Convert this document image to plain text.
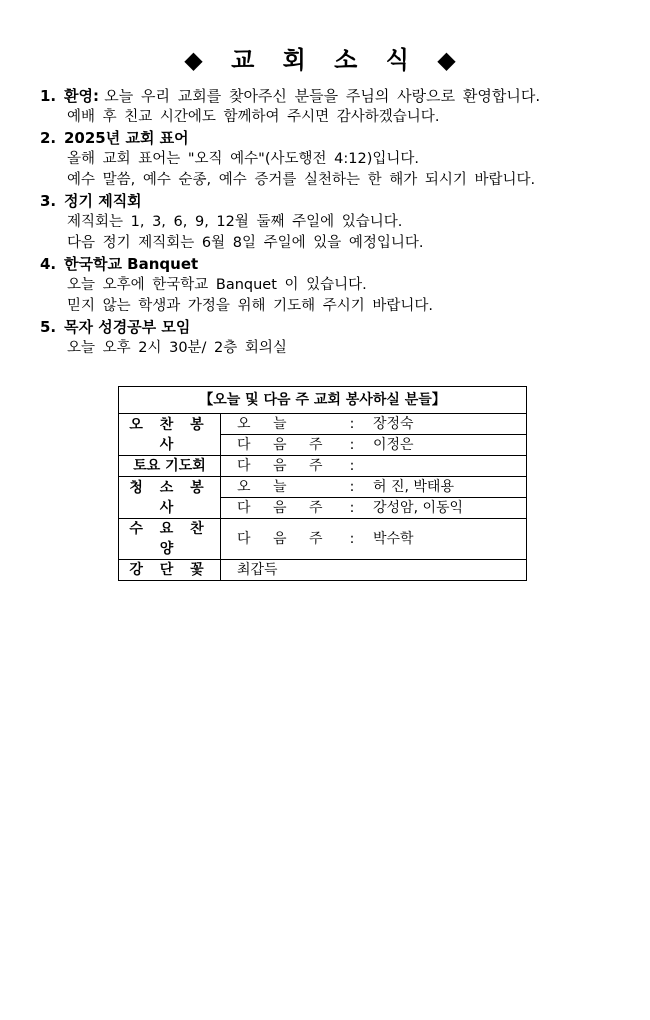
◆ 교 회 소 식 ◆
1. 환영: 오늘 우리 교회를 찾아주신 분들을 주님의 사랑으로 환영합니다.
예배 후 친교 시간에도 함께하여 주시면 감사하겠습니다.
2. 2025년 교회 표어
올해 교회 표어는 "오직 예수"(사도행전 4:12)입니다.
예수 말씀, 예수 순종, 예수 증거를 실천하는 한 해가 되시기 바랍니다.
3. 정기 제직회
제직회는 1, 3, 6, 9, 12월 둘째 주일에 있습니다.
다음 정기 제직회는 6월 8일 주일에 있을 예정입니다.
4. 한국학교 Banquet
오늘 오후에 한국학교 Banquet 이 있습니다.
믿지 않는 학생과 가정을 위해 기도해 주시기 바랍니다.
5. 목자 성경공부 모임
오늘 오후 2시 30분/ 2층 회의실
【오늘 및 다음 주 교회 봉사하실 분들】			
오 찬 봉 사	오 늘	:	장정숙
	다 음 주	:	이정은
토요 기도회	다 음 주	:	
청 소 봉 사	오 늘	:	허 진, 박태용
	다 음 주	:	강성암, 이동익
수 요 찬 양	다 음 주	:	박수학
강 단 꽃	최갑득		
